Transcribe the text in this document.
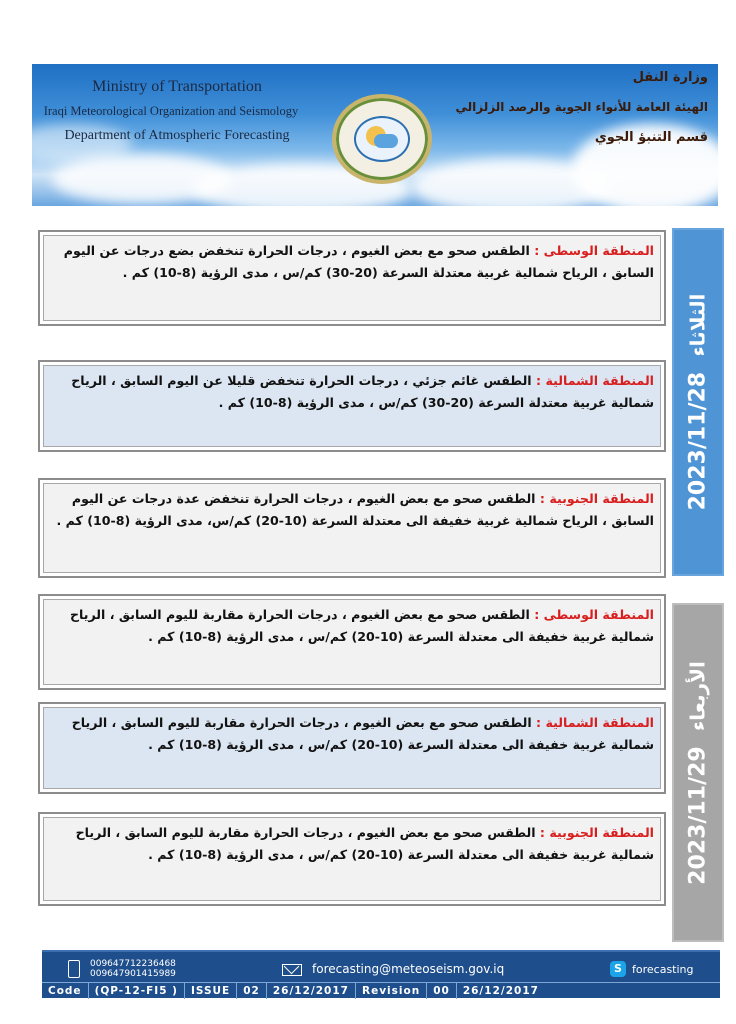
Ministry of Transportation
Iraqi Meteorological Organization and Seismology
Department of Atmospheric Forecasting
وزارة النقل
الهيئة العامة للأنواء الجوية والرصد الزلزالي
قسم التنبؤ الجوي

المنطقة الوسطى : الطقس صحو مع بعض الغيوم ، درجات الحرارة تنخفض بضع درجات عن اليوم السابق ، الرياح شمالية غربية معتدلة السرعة (20-30) كم/س ، مدى الرؤية (8-10) كم .

المنطقة الشمالية : الطقس غائم جزئي ، درجات الحرارة تنخفض قليلا عن اليوم السابق ، الرياح شمالية غربية معتدلة السرعة (20-30) كم/س ، مدى الرؤية (8-10) كم .

المنطقة الجنوبية : الطقس صحو مع بعض الغيوم ، درجات الحرارة تنخفض عدة درجات عن اليوم السابق ، الرياح شمالية غربية خفيفة الى معتدلة السرعة (10-20) كم/س، مدى الرؤية (8-10) كم .

2023/11/28  الثلاثاء

المنطقة الوسطى : الطقس صحو مع بعض الغيوم ، درجات الحرارة مقاربة لليوم السابق ، الرياح شمالية غربية خفيفة الى معتدلة السرعة (10-20) كم/س ، مدى الرؤية (8-10) كم .

المنطقة الشمالية : الطقس صحو مع بعض الغيوم ، درجات الحرارة مقاربة لليوم السابق ، الرياح شمالية غربية خفيفة الى معتدلة السرعة (10-20) كم/س ، مدى الرؤية (8-10) كم .

المنطقة الجنوبية : الطقس صحو مع بعض الغيوم ، درجات الحرارة مقاربة لليوم السابق ، الرياح شمالية غربية خفيفة الى معتدلة السرعة (10-20) كم/س ، مدى الرؤية (8-10) كم . 2023/11/29  الأربعاء
009647712236468
009647901415989	forecasting@meteoseism.gov.iq	S forecasting
Code	(QP-12-FI5 )	ISSUE	02	26/12/2017	Revision	00	26/12/2017
